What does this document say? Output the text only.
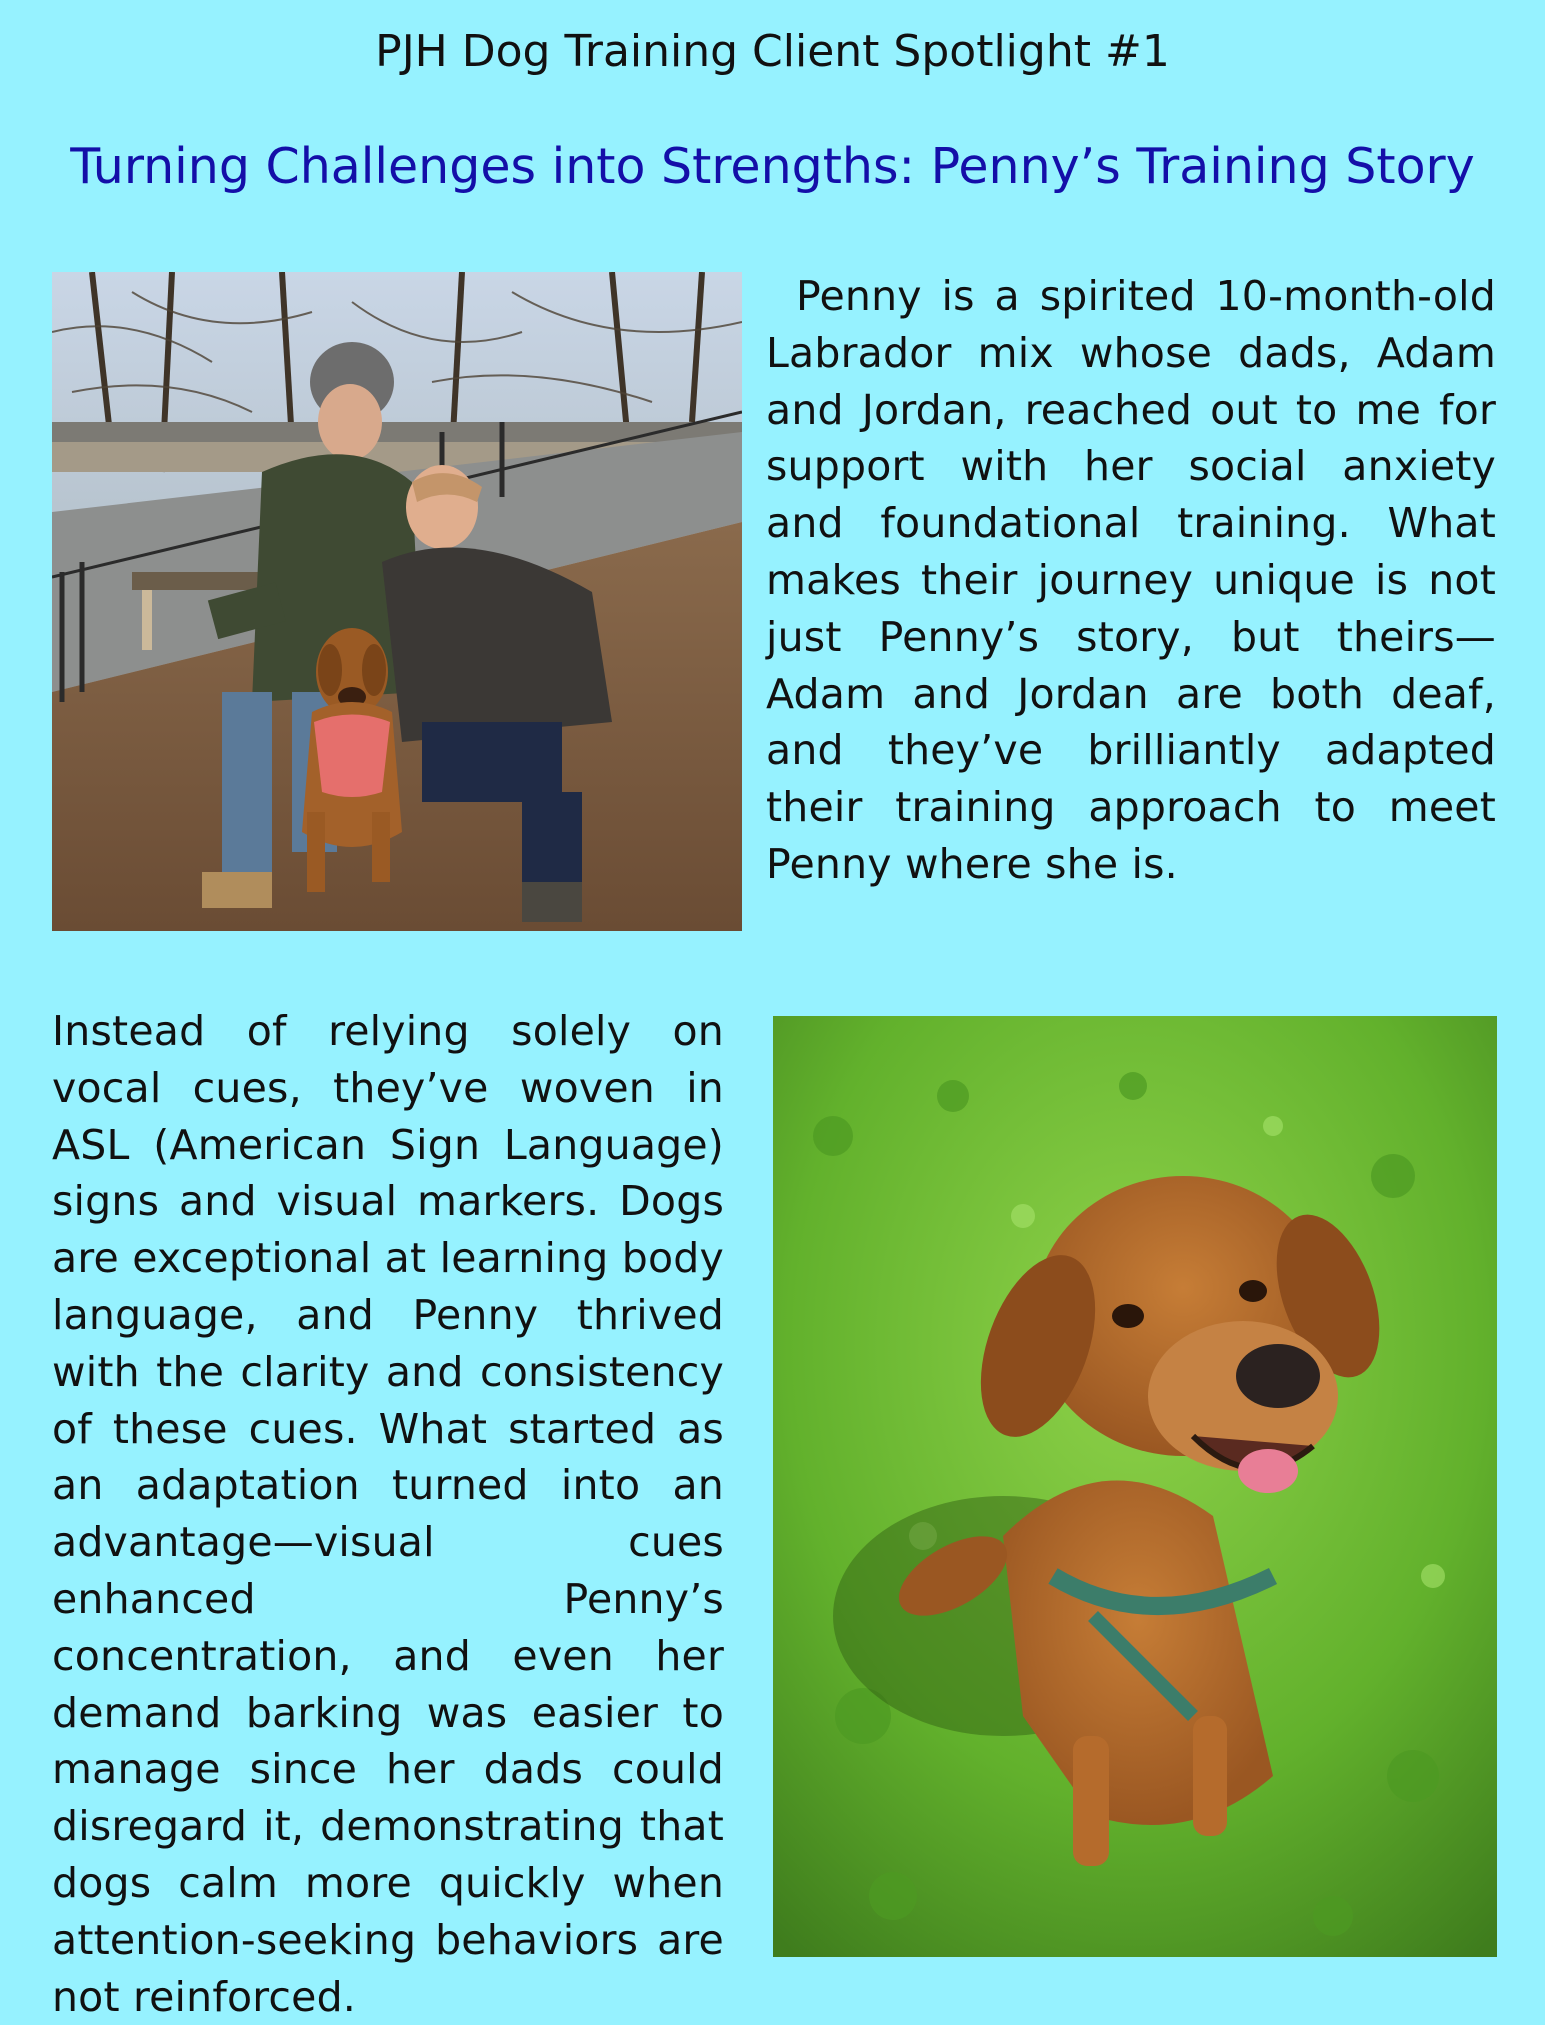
PJH Dog Training Client Spotlight #1
Turning Challenges into Strengths: Penny’s Training Story
Penny is a spirited 10-month-old Labrador mix whose dads, Adam and Jordan, reached out to me for support with her social anxiety and foundational training. What makes their journey unique is not just Penny’s story, but theirs—Adam and Jordan are both deaf, and they’ve brilliantly adapted their training approach to meet Penny where she is.
Instead of relying solely on vocal cues, they’ve woven in ASL (American Sign Language) signs and visual markers. Dogs are exceptional at learning body language, and Penny thrived with the clarity and consistency of these cues. What started as an adaptation turned into an advantage—visual cues enhanced Penny’s concentration, and even her demand barking was easier to manage since her dads could disregard it, demonstrating that dogs calm more quickly when attention-seeking behaviors are not reinforced.
